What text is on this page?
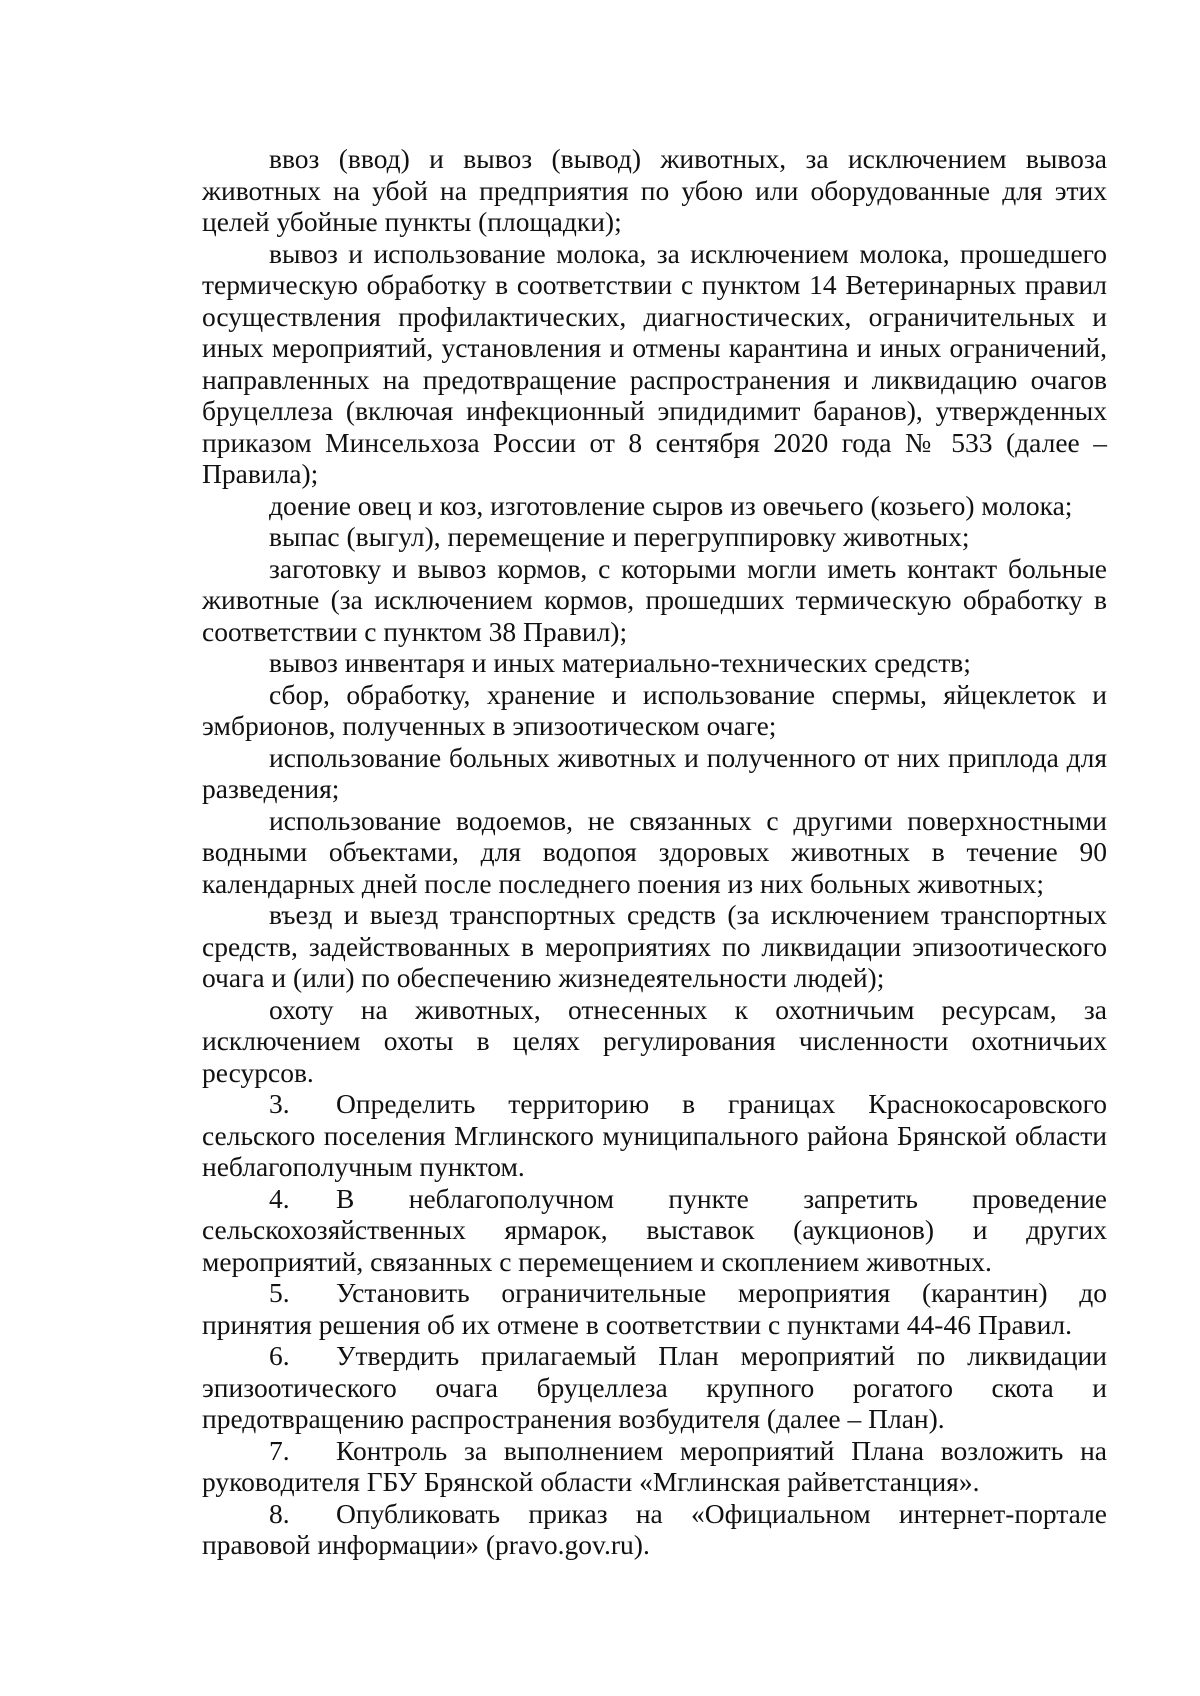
ввоз (ввод) и вывоз (вывод) животных, за исключением вывоза животных на убой на предприятия по убою или оборудованные для этих целей убойные пункты (площадки);

вывоз и использование молока, за исключением молока, прошедшего термическую обработку в соответствии с пунктом 14 Ветеринарных правил осуществления профилактических, диагностических, ограничительных и иных мероприятий, установления и отмены карантина и иных ограничений, направленных на предотвращение распространения и ликвидацию очагов бруцеллеза (включая инфекционный эпидидимит баранов), утвержденных приказом Минсельхоза России от 8 сентября 2020 года № 533 (далее – Правила);

доение овец и коз, изготовление сыров из овечьего (козьего) молока;

выпас (выгул), перемещение и перегруппировку животных;

заготовку и вывоз кормов, с которыми могли иметь контакт больные животные (за исключением кормов, прошедших термическую обработку в соответствии с пунктом 38 Правил);

вывоз инвентаря и иных материально-технических средств;

сбор, обработку, хранение и использование спермы, яйцеклеток и эмбрионов, полученных в эпизоотическом очаге;

использование больных животных и полученного от них приплода для разведения;

использование водоемов, не связанных с другими поверхностными водными объектами, для водопоя здоровых животных в течение 90 календарных дней после последнего поения из них больных животных;

въезд и выезд транспортных средств (за исключением транспортных средств, задействованных в мероприятиях по ликвидации эпизоотического очага и (или) по обеспечению жизнедеятельности людей);

охоту на животных, отнесенных к охотничьим ресурсам, за исключением охоты в целях регулирования численности охотничьих ресурсов.

3. Определить территорию в границах Краснокосаровского сельского поселения Мглинского муниципального района Брянской области неблагополучным пунктом.

4. В неблагополучном пункте запретить проведение сельскохозяйственных ярмарок, выставок (аукционов) и других мероприятий, связанных с перемещением и скоплением животных.

5. Установить ограничительные мероприятия (карантин) до принятия решения об их отмене в соответствии с пунктами 44-46 Правил.

6. Утвердить прилагаемый План мероприятий по ликвидации эпизоотического очага бруцеллеза крупного рогатого скота и предотвращению распространения возбудителя (далее – План).

7. Контроль за выполнением мероприятий Плана возложить на руководителя ГБУ Брянской области «Мглинская райветстанция».

8. Опубликовать приказ на «Официальном интернет-портале правовой информации» (pravo.gov.ru).
